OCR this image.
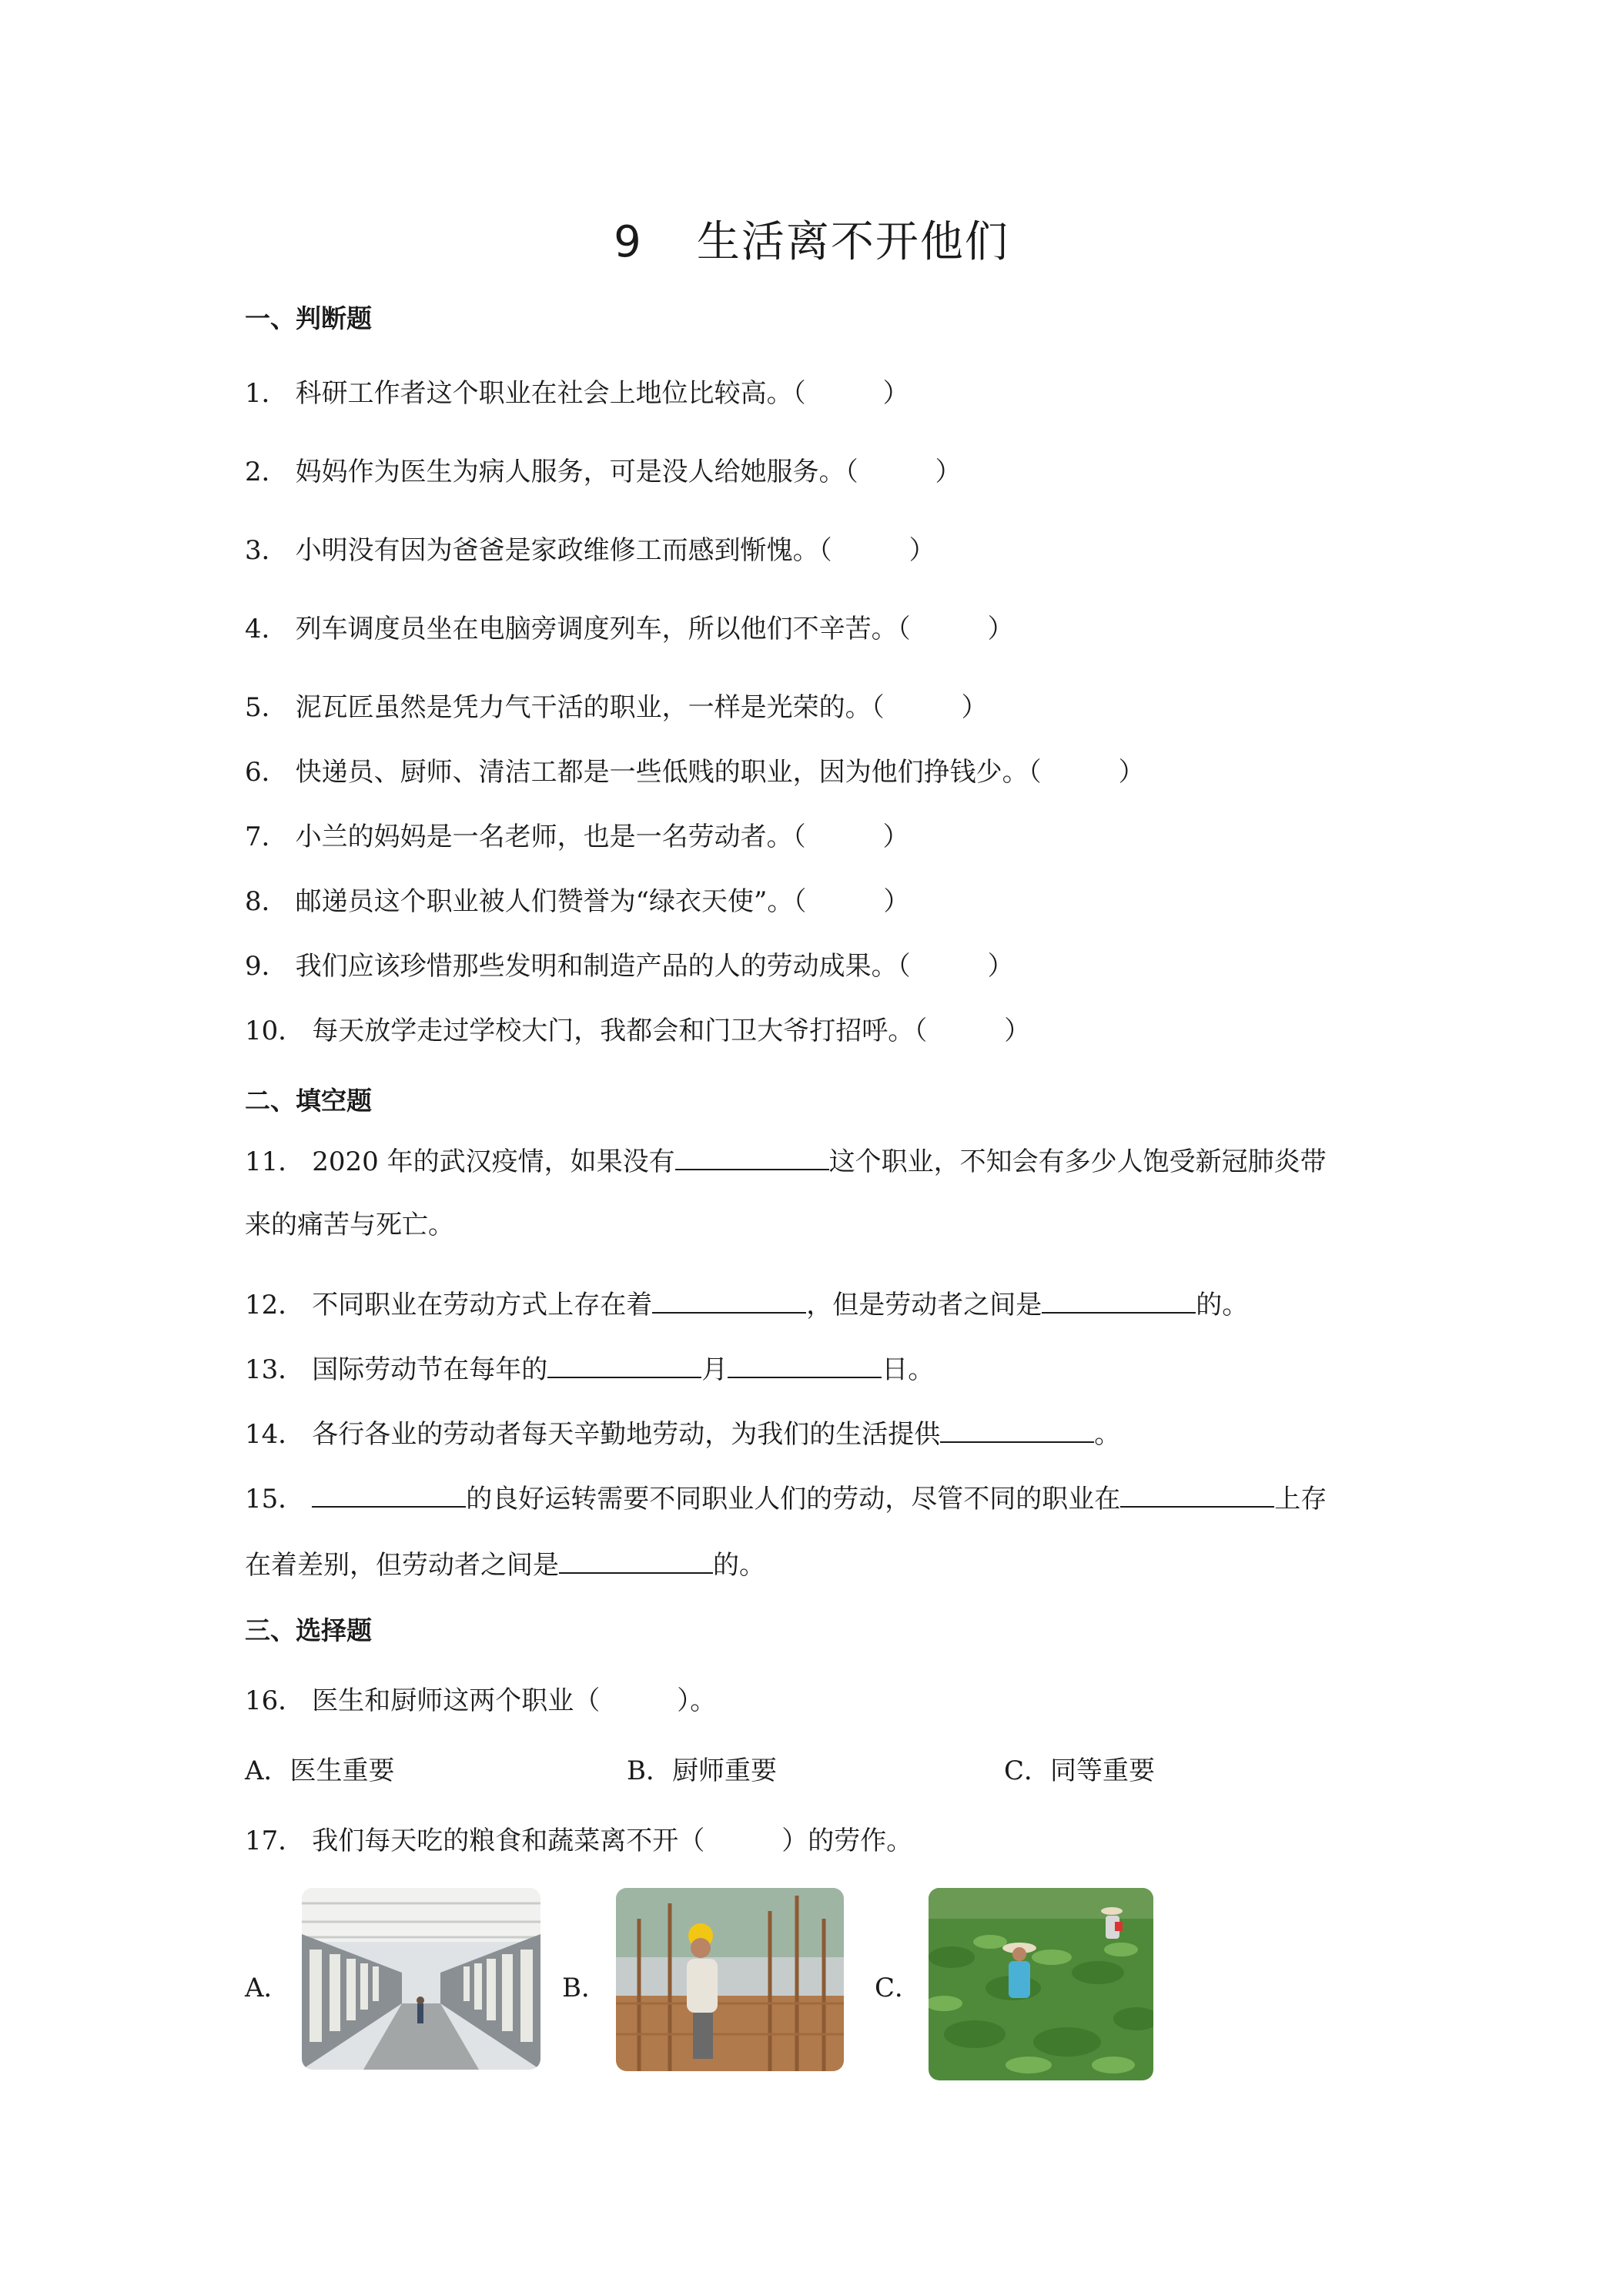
9 生活离不开他们
一、判断题
1． 科研工作者这个职业在社会上地位比较高。（	）
2． 妈妈作为医生为病人服务，可是没人给她服务。（	）
3． 小明没有因为爸爸是家政维修工而感到惭愧。（	）
4． 列车调度员坐在电脑旁调度列车，所以他们不辛苦。（	）
5． 泥瓦匠虽然是凭力气干活的职业，一样是光荣的。（	）
6． 快递员、厨师、清洁工都是一些低贱的职业，因为他们挣钱少。（	）
7． 小兰的妈妈是一名老师，也是一名劳动者。（	）
8． 邮递员这个职业被人们赞誉为“绿衣天使”。（	）
9． 我们应该珍惜那些发明和制造产品的人的劳动成果。（	）
10． 每天放学走过学校大门，我都会和门卫大爷打招呼。（	）
二、填空题
11． 2020 年的武汉疫情，如果没有	这个职业，不知会有多少人饱受新冠肺炎带
来的痛苦与死亡。
12． 不同职业在劳动方式上存在着	，但是劳动者之间是	的。
13． 国际劳动节在每年的	月	日。
14． 各行各业的劳动者每天辛勤地劳动，为我们的生活提供	。
15．	的良好运转需要不同职业人们的劳动，尽管不同的职业在	上存
在着差别，但劳动者之间是	的。
三、选择题
16． 医生和厨师这两个职业（	）。
A．医生重要	B．厨师重要	C．同等重要
17． 我们每天吃的粮食和蔬菜离不开（	）的劳作。
A．	B．	C．
